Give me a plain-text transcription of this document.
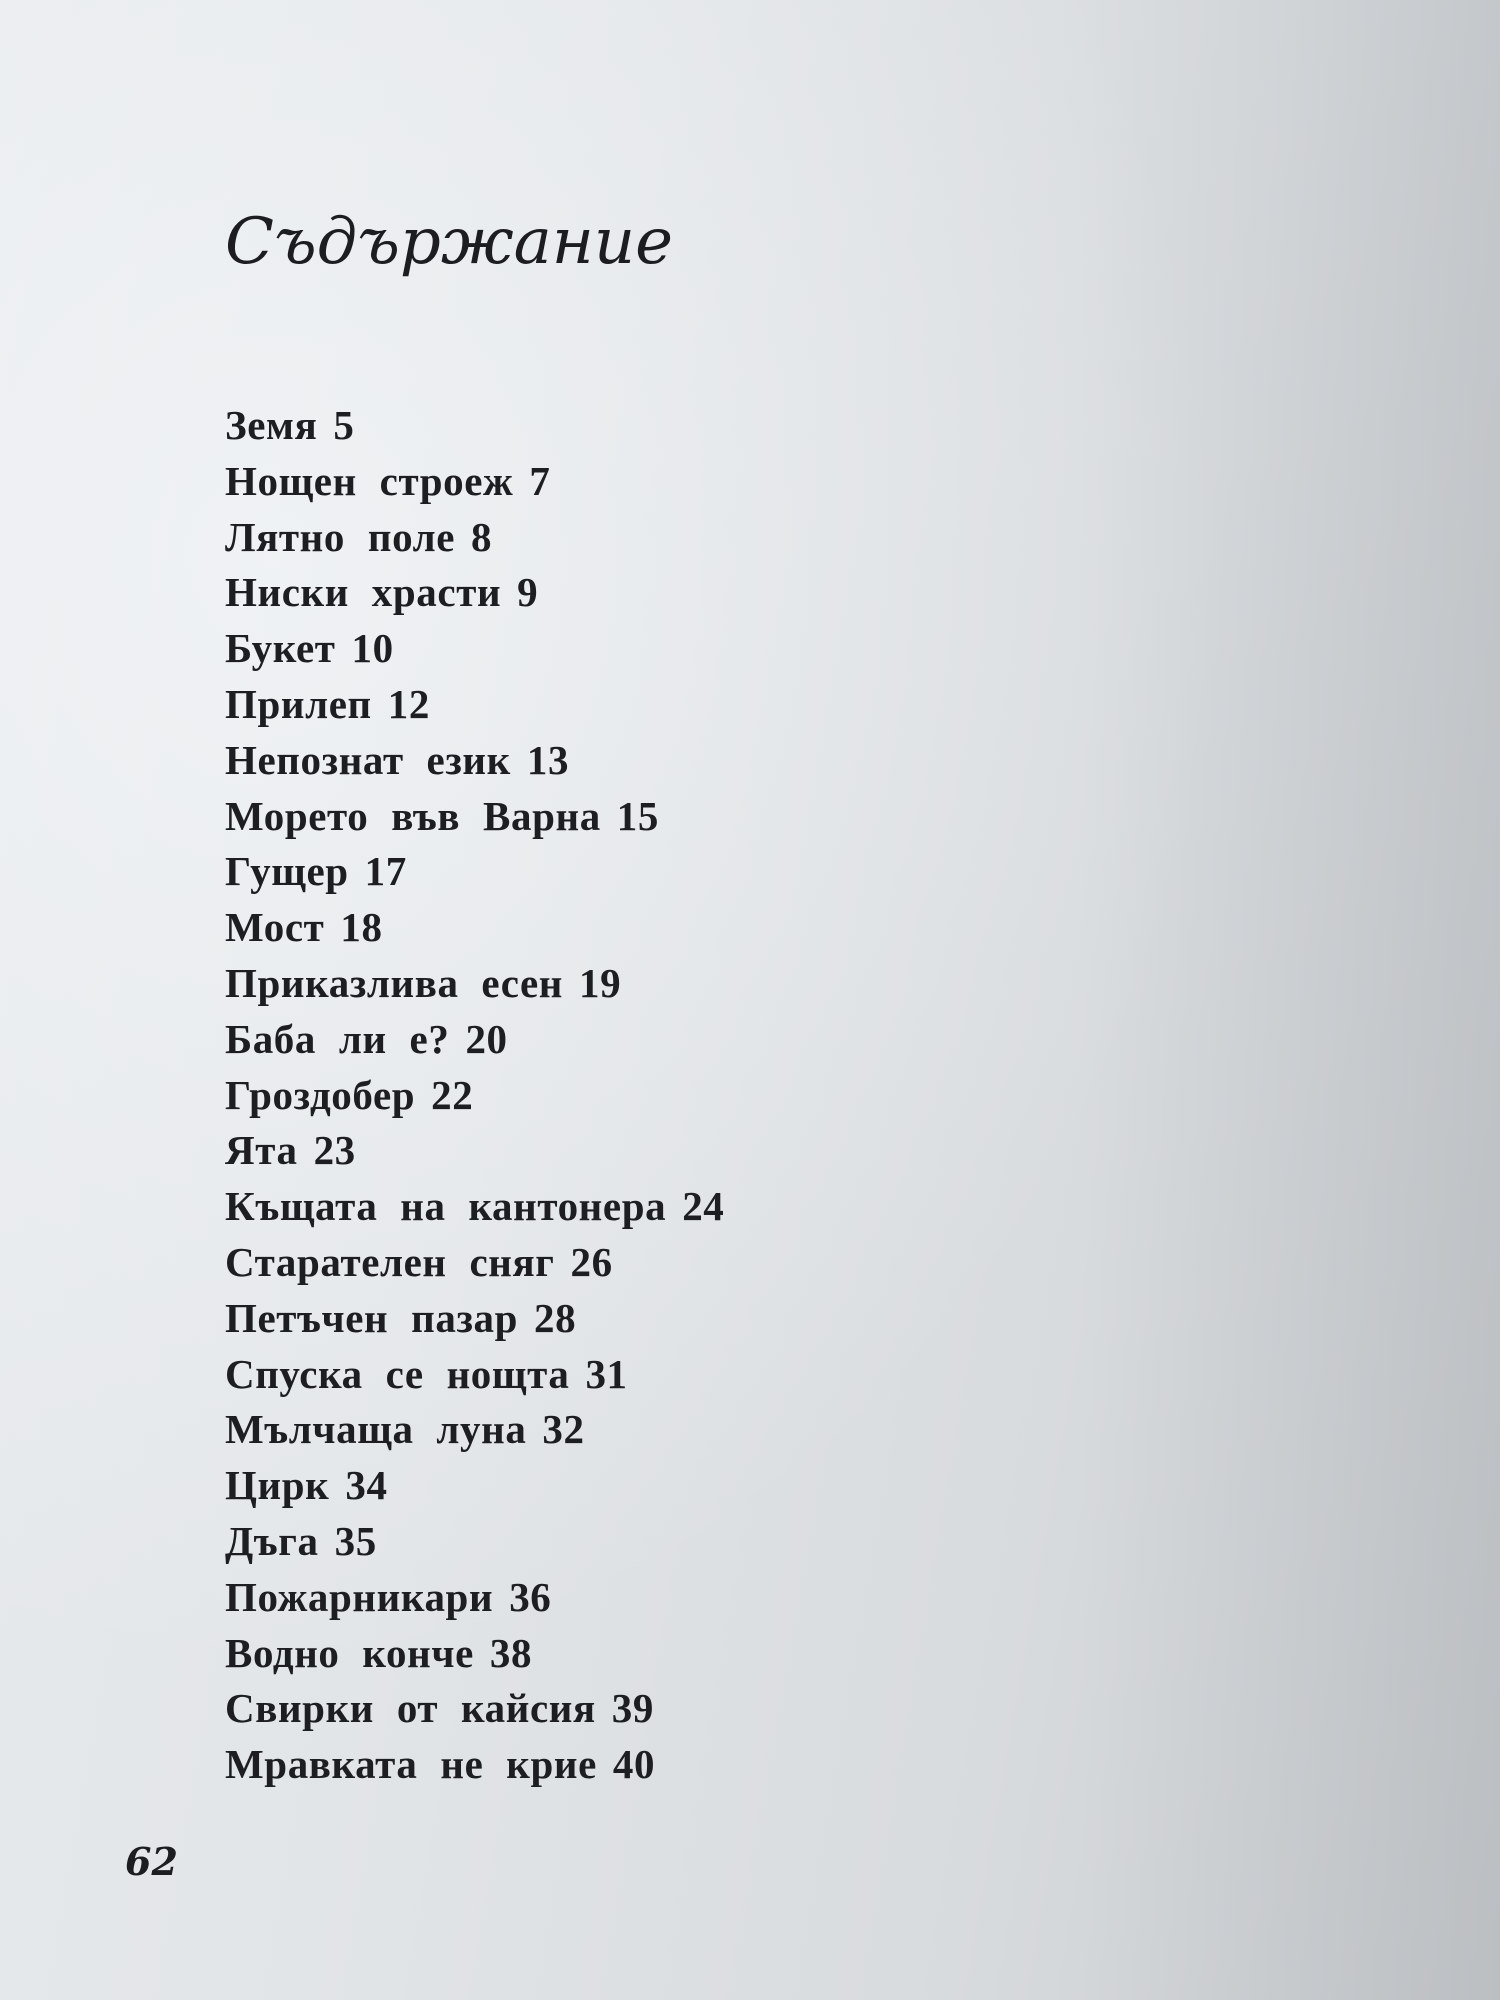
Съдържание
Земя 5
Нощен строеж 7
Лятно поле 8
Ниски храсти 9
Букет 10
Прилеп 12
Непознат език 13
Морето във Варна 15
Гущер 17
Мост 18
Приказлива есен 19
Баба ли е? 20
Гроздобер 22
Ята 23
Къщата на кантонера 24
Старателен сняг 26
Петъчен пазар 28
Спуска се нощта 31
Мълчаща луна 32
Цирк 34
Дъга 35
Пожарникари 36
Водно конче 38
Свирки от кайсия 39
Мравката не крие 40
62
